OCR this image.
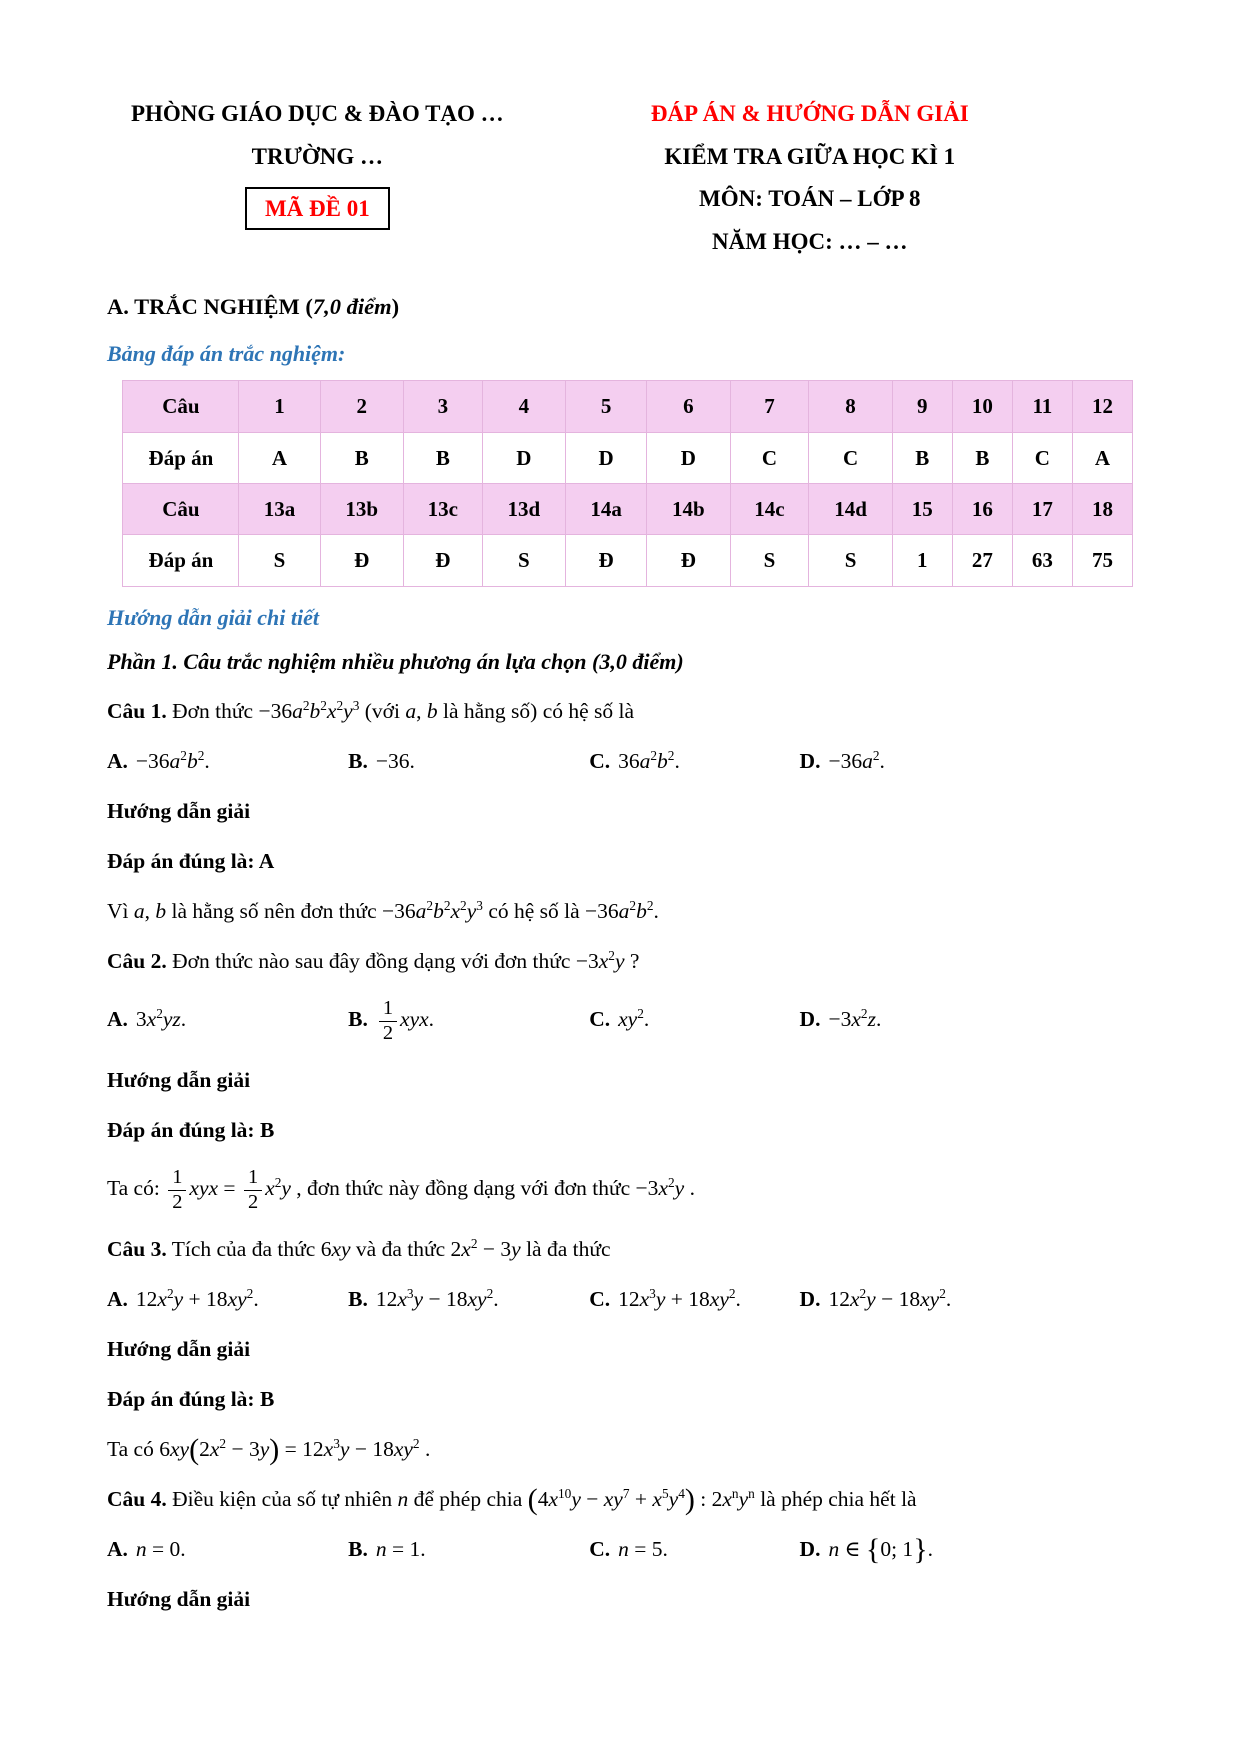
PHÒNG GIÁO DỤC & ĐÀO TẠO …
TRƯỜNG …
MÃ ĐỀ 01
ĐÁP ÁN & HƯỚNG DẪN GIẢI
KIỂM TRA GIỮA HỌC KÌ 1
MÔN: TOÁN – LỚP 8
NĂM HỌC: … – …
A. TRẮC NGHIỆM (7,0 điểm)
Bảng đáp án trắc nghiệm:
Câu	1	2	3	4	5	6	7	8	9	10	11	12
Đáp án	A	B	B	D	D	D	C	C	B	B	C	A
Câu	13a	13b	13c	13d	14a	14b	14c	14d	15	16	17	18
Đáp án	S	Đ	Đ	S	Đ	Đ	S	S	1	27	63	75
Hướng dẫn giải chi tiết
Phần 1. Câu trắc nghiệm nhiều phương án lựa chọn (3,0 điểm)

Câu 1. Đơn thức $-36a^2b^2x^2y^3$ (với a, b là hằng số) có hệ số là

A. $-36a^2b^2$.	B. −36.	C. $36a^2b^2$.	D. $-36a^2$.

Hướng dẫn giải

Đáp án đúng là: A

Vì a, b là hằng số nên đơn thức $-36a^2b^2x^2y^3$ có hệ số là $-36a^2b^2$.

Câu 2. Đơn thức nào sau đây đồng dạng với đơn thức $-3x^2y$ ?

A. $3x^2yz$.	B. $\frac{1}{2}$ xyx.	C. $xy^2$.	D. $-3x^2z$.

Hướng dẫn giải

Đáp án đúng là: B

Ta có: $\frac{1}{2}$ xyx = $\frac{1}{2} x^2y$ , đơn thức này đồng dạng với đơn thức $-3x^2y$ .

Câu 3. Tích của đa thức 6xy và đa thức $2x^2 - 3y$ là đa thức

A. $12x^2y + 18xy^2$.	B. $12x^3y - 18xy^2$.	C. $12x^3y + 18xy^2$.	D. $12x^2y - 18xy^2$.

Hướng dẫn giải

Đáp án đúng là: B

Ta có $6xy(2x^2 - 3y) = 12x^3y - 18xy^2$ .

Câu 4. Điều kiện của số tự nhiên n để phép chia $(4x^{10}y - xy^7 + x^5y^4)$ : $2x^ny^n$ là phép chia hết là

A. n = 0.	B. n = 1.	C. n = 5.	D. n ∈ {0; 1}.

Hướng dẫn giải
